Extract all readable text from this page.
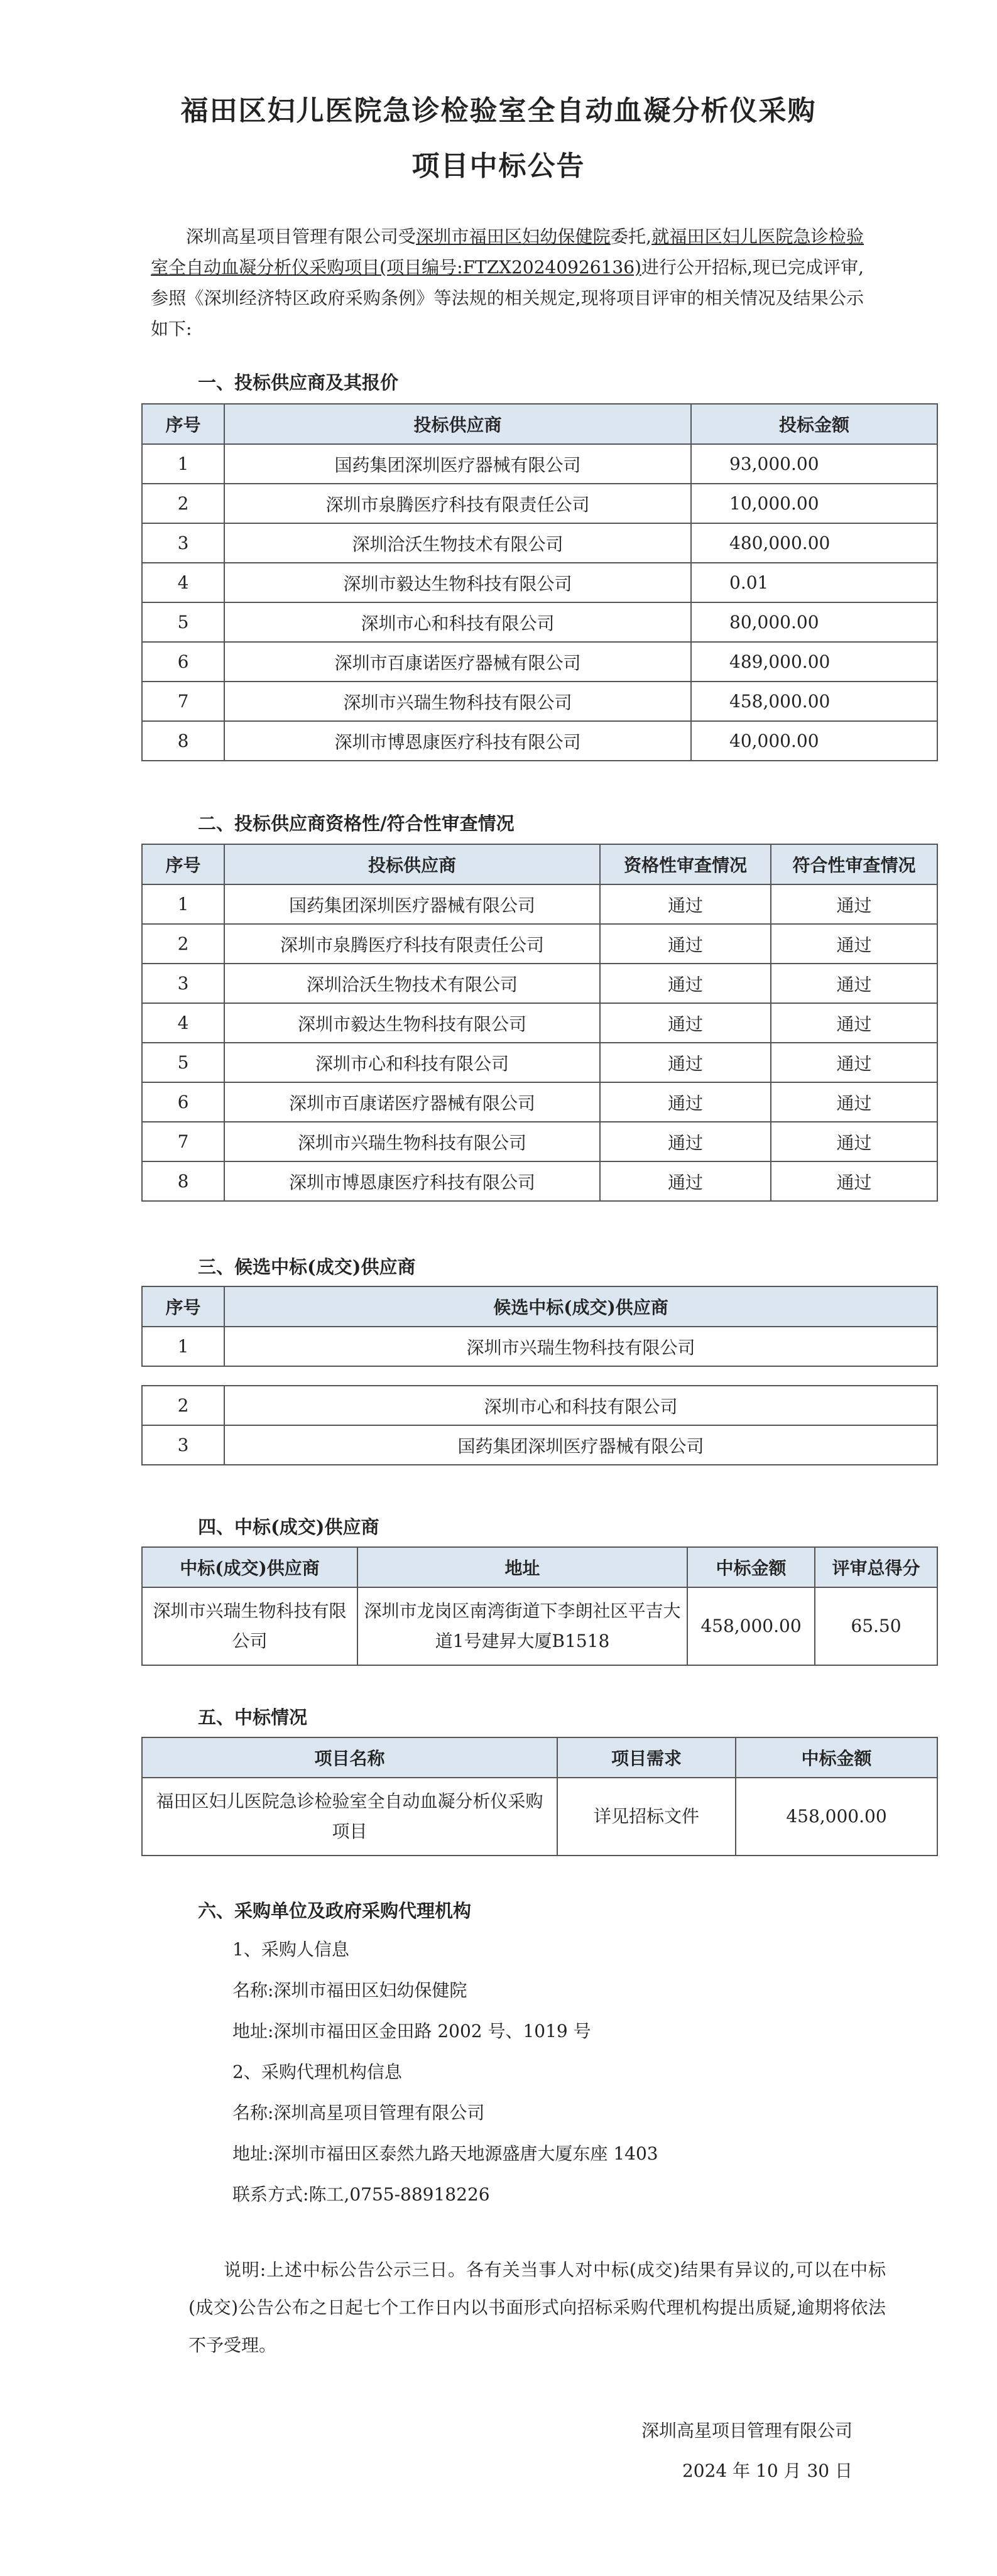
福田区妇儿医院急诊检验室全自动血凝分析仪采购
项目中标公告

深圳高星项目管理有限公司受深圳市福田区妇幼保健院委托,就福田区妇儿医院急诊检验室全自动血凝分析仪采购项目(项目编号:FTZX20240926136)进行公开招标,现已完成评审,参照《深圳经济特区政府采购条例》等法规的相关规定,现将项目评审的相关情况及结果公示如下:

一、投标供应商及其报价

序号	投标供应商	投标金额
1	国药集团深圳医疗器械有限公司	93,000.00
2	深圳市泉腾医疗科技有限责任公司	10,000.00
3	深圳洽沃生物技术有限公司	480,000.00
4	深圳市毅达生物科技有限公司	0.01
5	深圳市心和科技有限公司	80,000.00
6	深圳市百康诺医疗器械有限公司	489,000.00
7	深圳市兴瑞生物科技有限公司	458,000.00
8	深圳市博恩康医疗科技有限公司	40,000.00

二、投标供应商资格性/符合性审查情况

序号	投标供应商	资格性审查情况	符合性审查情况
1	国药集团深圳医疗器械有限公司	通过	通过
2	深圳市泉腾医疗科技有限责任公司	通过	通过
3	深圳洽沃生物技术有限公司	通过	通过
4	深圳市毅达生物科技有限公司	通过	通过
5	深圳市心和科技有限公司	通过	通过
6	深圳市百康诺医疗器械有限公司	通过	通过
7	深圳市兴瑞生物科技有限公司	通过	通过
8	深圳市博恩康医疗科技有限公司	通过	通过

三、候选中标(成交)供应商

序号	候选中标(成交)供应商
1	深圳市兴瑞生物科技有限公司
2	深圳市心和科技有限公司
3	国药集团深圳医疗器械有限公司

四、中标(成交)供应商

中标(成交)供应商	地址	中标金额	评审总得分
深圳市兴瑞生物科技有限公司	深圳市龙岗区南湾街道下李朗社区平吉大道1号建昇大厦B1518	458,000.00	65.50

五、中标情况

项目名称	项目需求	中标金额
福田区妇儿医院急诊检验室全自动血凝分析仪采购项目	详见招标文件	458,000.00

六、采购单位及政府采购代理机构

1、采购人信息

名称:深圳市福田区妇幼保健院

地址:深圳市福田区金田路 2002 号、1019 号

2、采购代理机构信息

名称:深圳高星项目管理有限公司

地址:深圳市福田区泰然九路天地源盛唐大厦东座 1403

联系方式:陈工,0755-88918226

说明:上述中标公告公示三日。各有关当事人对中标(成交)结果有异议的,可以在中标(成交)公告公布之日起七个工作日内以书面形式向招标采购代理机构提出质疑,逾期将依法不予受理。

深圳高星项目管理有限公司

2024 年 10 月 30 日
